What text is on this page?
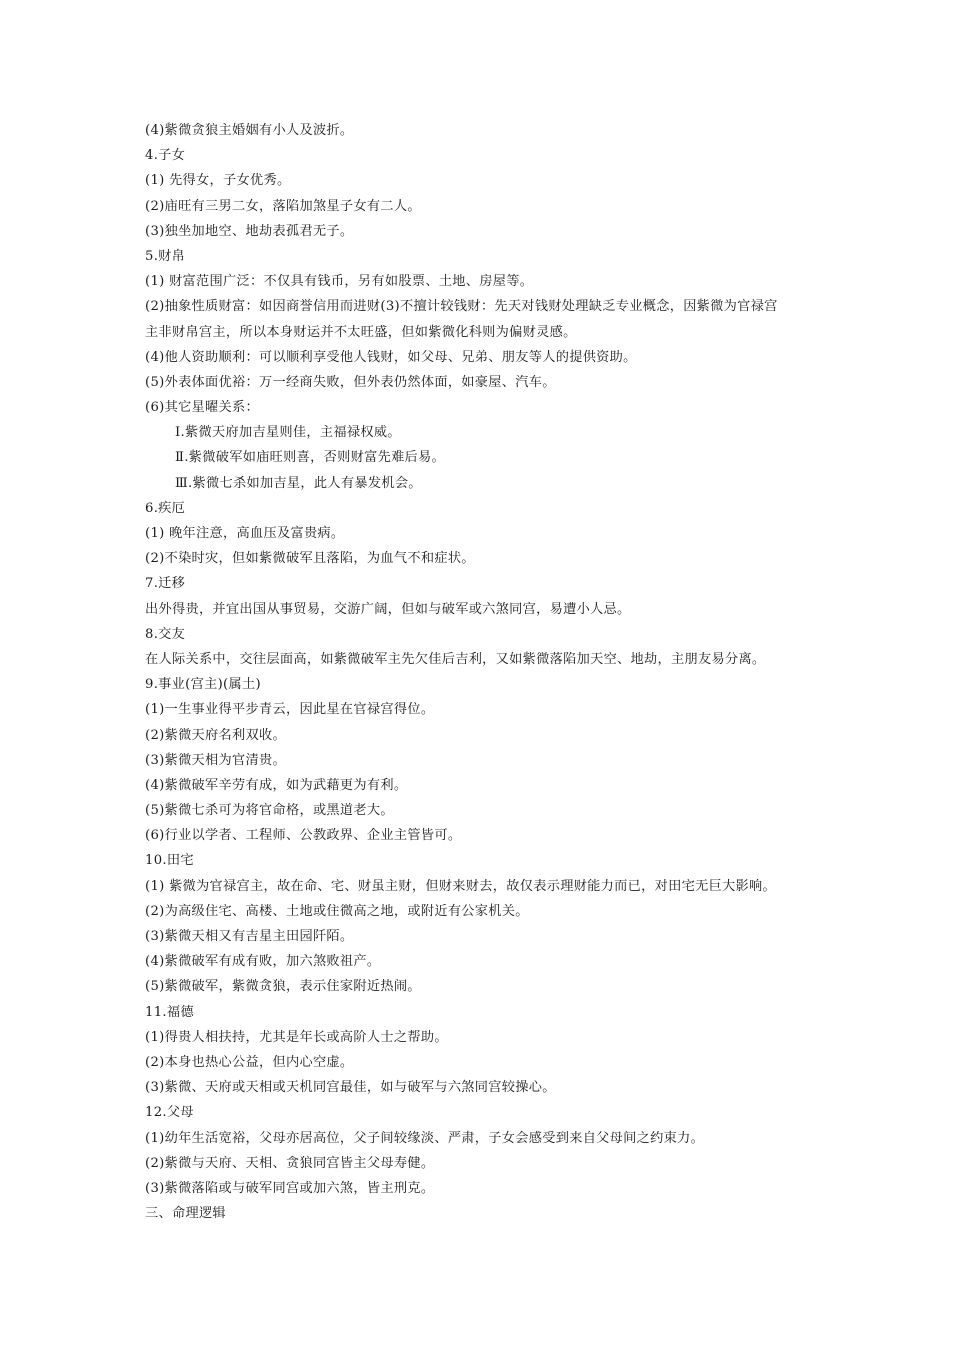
(4)紫微贪狼主婚姻有小人及波折。
4.子女
(1) 先得女，子女优秀。
(2)庙旺有三男二女，落陷加煞星子女有二人。
(3)独坐加地空、地劫表孤君无子。
5.财帛
(1) 财富范围广泛：不仅具有钱币，另有如股票、土地、房屋等。
(2)抽象性质财富：如因商誉信用而进财(3)不擅计较钱财：先天对钱财处理缺乏专业概念，因紫微为官禄宫
主非财帛宫主，所以本身财运并不太旺盛，但如紫微化科则为偏财灵感。
(4)他人资助顺利：可以顺利享受他人钱财，如父母、兄弟、朋友等人的提供资助。
(5)外表体面优裕：万一经商失败，但外表仍然体面，如豪屋、汽车。
(6)其它星曜关系：
Ⅰ.紫微天府加吉星则佳，主福禄权威。
Ⅱ.紫微破军如庙旺则喜，否则财富先难后易。
Ⅲ.紫微七杀如加吉星，此人有暴发机会。
6.疾厄
(1) 晚年注意，高血压及富贵病。
(2)不染时灾，但如紫微破军且落陷，为血气不和症状。
7.迁移
出外得贵，并宜出国从事贸易，交游广阔，但如与破军或六煞同宫，易遭小人忌。
8.交友
在人际关系中，交往层面高，如紫微破军主先欠佳后吉利，又如紫微落陷加天空、地劫，主朋友易分离。
9.事业(宫主)(属土)
(1)一生事业得平步青云，因此星在官禄宫得位。
(2)紫微天府名利双收。
(3)紫微天相为官清贵。
(4)紫微破军辛劳有成，如为武藉更为有利。
(5)紫微七杀可为将官命格，或黑道老大。
(6)行业以学者、工程师、公教政界、企业主管皆可。
10.田宅
(1) 紫微为官禄宫主，故在命、宅、财虽主财，但财来财去，故仅表示理财能力而已，对田宅无巨大影响。
(2)为高级住宅、高楼、土地或住微高之地，或附近有公家机关。
(3)紫微天相又有吉星主田园阡陌。
(4)紫微破军有成有败，加六煞败祖产。
(5)紫微破军，紫微贪狼，表示住家附近热闹。
11.福德
(1)得贵人相扶持，尤其是年长或高阶人士之帮助。
(2)本身也热心公益，但内心空虚。
(3)紫微、天府或天相或天机同宫最佳，如与破军与六煞同宫较操心。
12.父母
(1)幼年生活宽裕，父母亦居高位，父子间较缘淡、严肃，子女会感受到来自父母间之约束力。
(2)紫微与天府、天相、贪狼同宫皆主父母寿健。
(3)紫微落陷或与破军同宫或加六煞，皆主刑克。
三、命理逻辑
